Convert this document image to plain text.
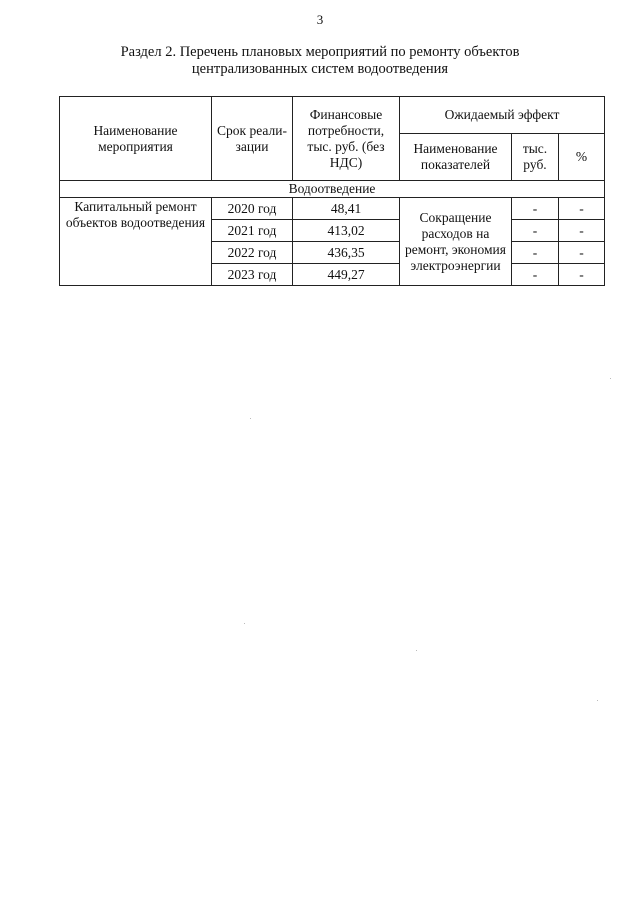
3
Раздел 2. Перечень плановых мероприятий по ремонту объектов
централизованных систем водоотведения
Наименование мероприятия	Срок реали- зации	Финансовые потребности, тыс. руб. (без НДС)	Ожидаемый эффект		
			Наименование показателей	тыс. руб.	%
Водоотведение					
Капитальный ремонт объектов водоотведения	2020 год	48,41	Сокращение расходов на ремонт, экономия электроэнергии	-	-
	2021 год	413,02		-	-
	2022 год	436,35		-	-
	2023 год	449,27		-	-
